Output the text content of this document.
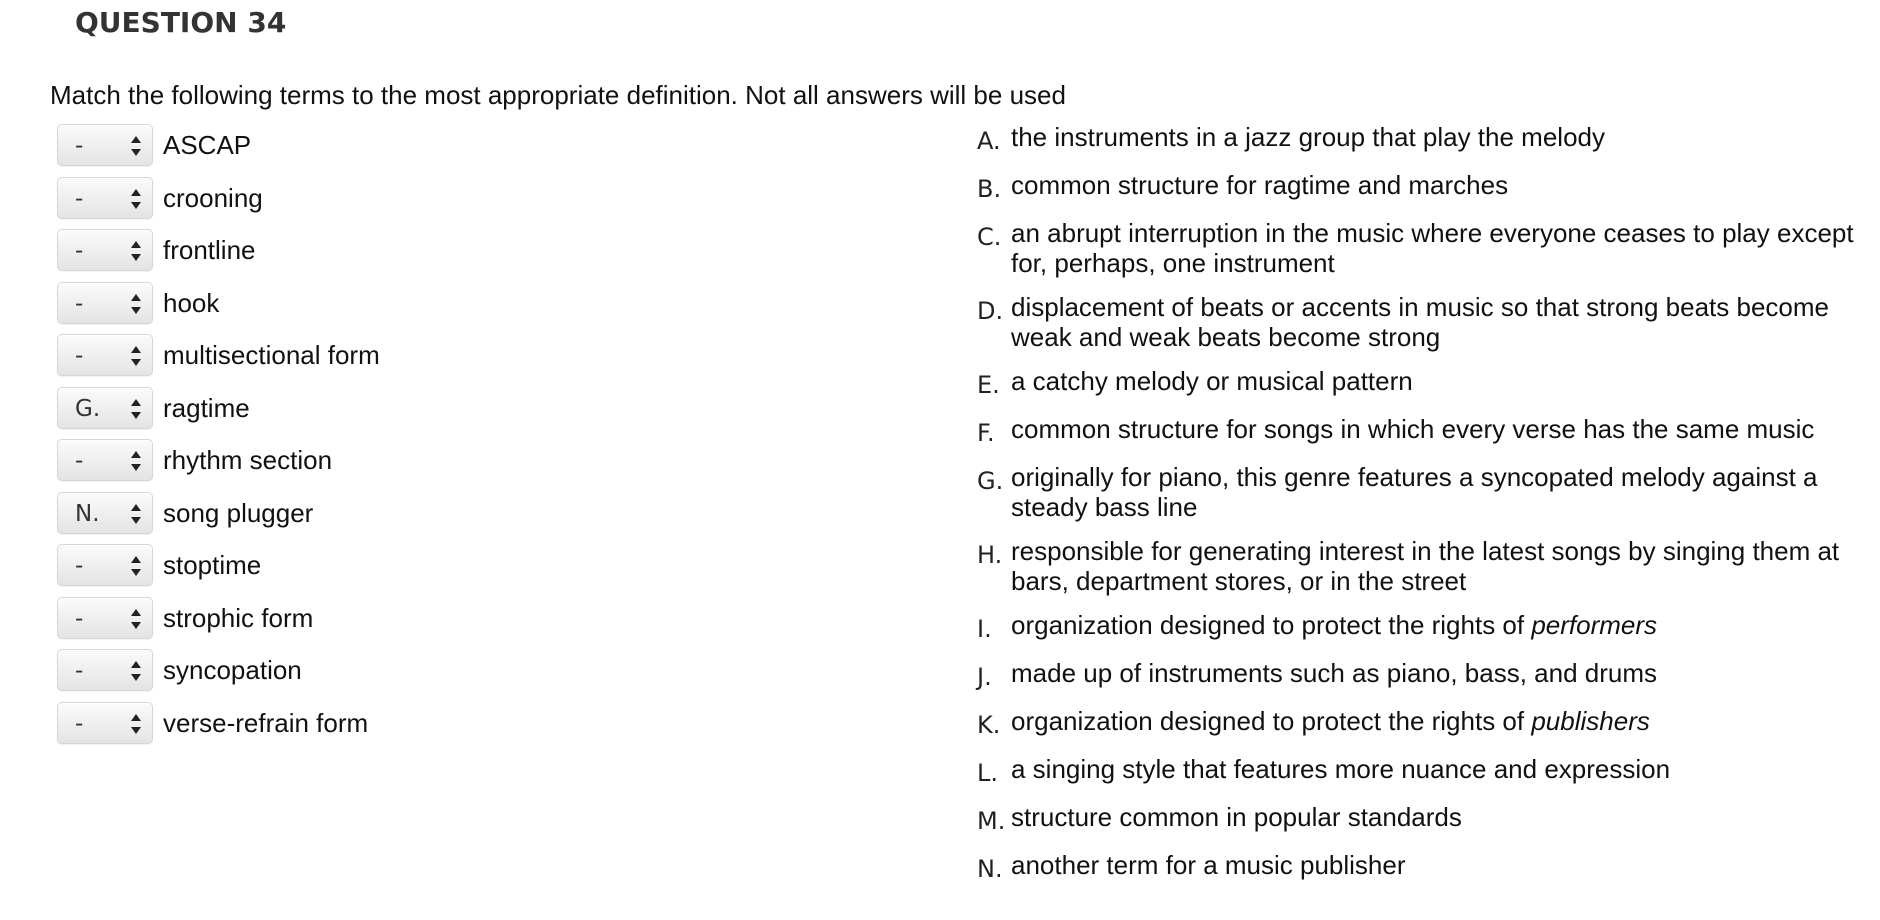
QUESTION 34
Match the following terms to the most appropriate definition. Not all answers will be used
-	ASCAP
-	crooning
-	frontline
-	hook
-	multisectional form
G. ragtime
-	rhythm section
N. song plugger
-	stoptime
-	strophic form
-	syncopation
-	verse-refrain form
A. the instruments in a jazz group that play the melody
B. common structure for ragtime and marches
C. an abrupt interruption in the music where everyone ceases to play except for, perhaps, one instrument
D. displacement of beats or accents in music so that strong beats become weak and weak beats become strong
E. a catchy melody or musical pattern
F. common structure for songs in which every verse has the same music
G. originally for piano, this genre features a syncopated melody against a steady bass line
H. responsible for generating interest in the latest songs by singing them at bars, department stores, or in the street
I. organization designed to protect the rights of performers
J. made up of instruments such as piano, bass, and drums
K. organization designed to protect the rights of publishers
L. a singing style that features more nuance and expression
M. structure common in popular standards
N. another term for a music publisher
